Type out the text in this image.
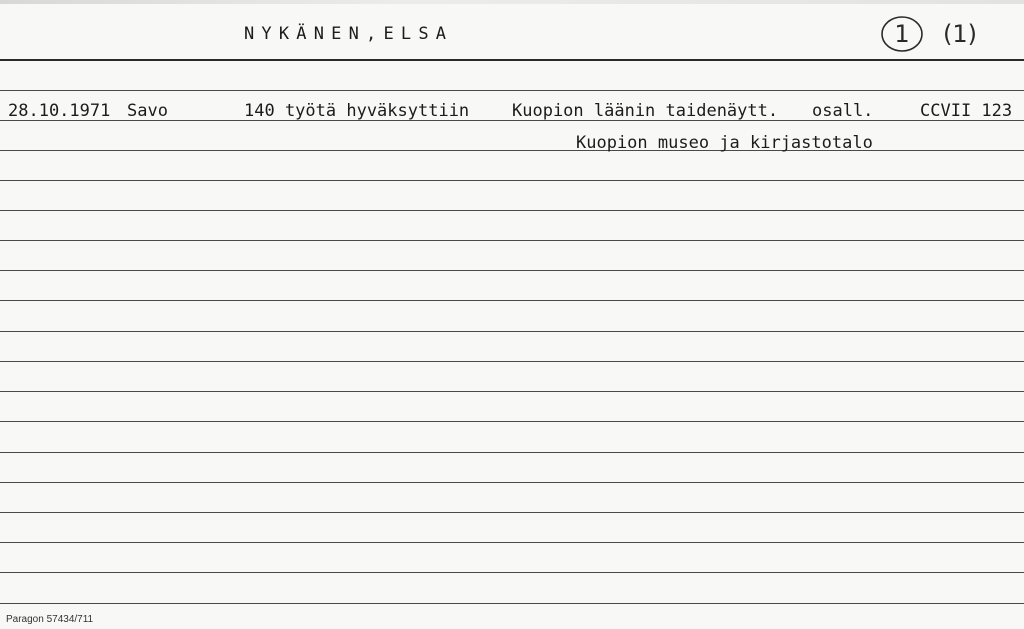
NYKÄNEN,ELSA	1 (1)
28.10.1971 Savo	140 työtä hyväksyttiin	Kuopion läänin taidenäytt. osall.	CCVII 123
Kuopion museo ja kirjastotalo
Paragon 57434/711
